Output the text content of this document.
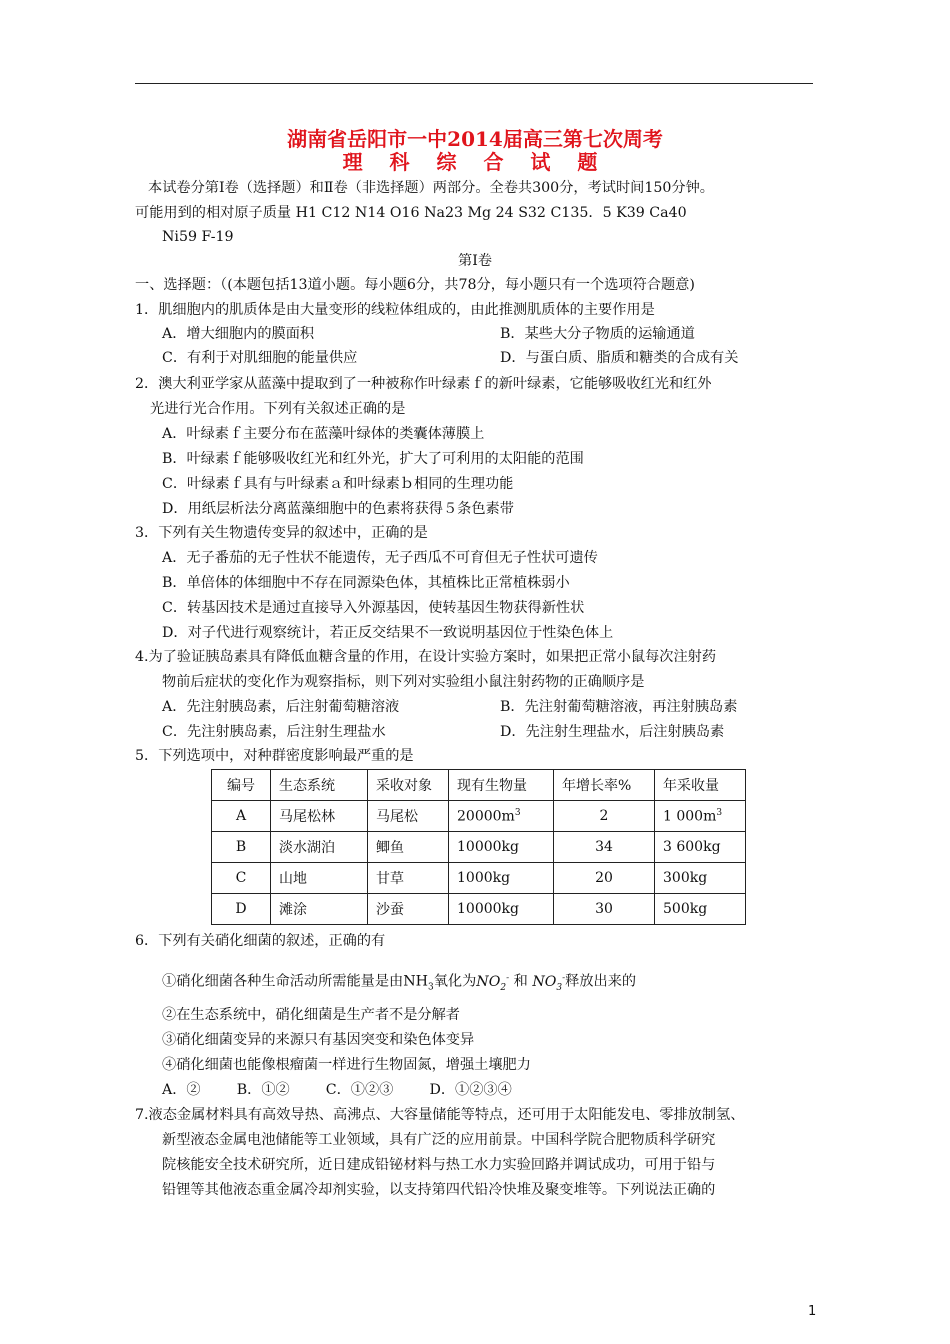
湖南省岳阳市一中2014届高三第七次周考
理 科 综 合 试 题
本试卷分第Ⅰ卷（选择题）和Ⅱ卷（非选择题）两部分。全卷共300分，考试时间150分钟。
可能用到的相对原子质量 H1 C12 N14 O16 Na23 Mg 24 S32 C135．5 K39 Ca40
Ni59 F-19
第Ⅰ卷
一、选择题：（(本题包括13道小题。每小题6分，共78分，每小题只有一个选项符合题意)
1．肌细胞内的肌质体是由大量变形的线粒体组成的，由此推测肌质体的主要作用是
A．增大细胞内的膜面积	B．某些大分子物质的运输通道
C．有利于对肌细胞的能量供应	D．与蛋白质、脂质和糖类的合成有关
2．澳大利亚学家从蓝藻中提取到了一种被称作叶绿素ｆ的新叶绿素，它能够吸收红光和红外
光进行光合作用。下列有关叙述正确的是
A．叶绿素ｆ主要分布在蓝藻叶绿体的类囊体薄膜上
B．叶绿素ｆ能够吸收红光和红外光，扩大了可利用的太阳能的范围
C．叶绿素ｆ具有与叶绿素ａ和叶绿素ｂ相同的生理功能
D．用纸层析法分离蓝藻细胞中的色素将获得５条色素带
3．下列有关生物遗传变异的叙述中，正确的是
A．无子番茄的无子性状不能遗传，无子西瓜不可育但无子性状可遗传
B．单倍体的体细胞中不存在同源染色体，其植株比正常植株弱小
C．转基因技术是通过直接导入外源基因，使转基因生物获得新性状
D．对子代进行观察统计，若正反交结果不一致说明基因位于性染色体上
4.为了验证胰岛素具有降低血糖含量的作用，在设计实验方案时，如果把正常小鼠每次注射药
物前后症状的变化作为观察指标，则下列对实验组小鼠注射药物的正确顺序是
A．先注射胰岛素，后注射葡萄糖溶液	B．先注射葡萄糖溶液，再注射胰岛素
C．先注射胰岛素，后注射生理盐水	D．先注射生理盐水，后注射胰岛素
5．下列选项中，对种群密度影响最严重的是
编号	生态系统	采收对象	现有生物量	年增长率%	年采收量
A	马尾松林	马尾松	$20000m^3$	2	1 $000m^3$
B	淡水湖泊	鲫鱼	10000kg	34	3 600kg
C	山地	甘草	1000kg	20	300kg
D	滩涂	沙蚕	10000kg	30	500kg
6．下列有关硝化细菌的叙述，正确的有
①硝化细菌各种生命活动所需能量是由$NH_3$氧化为$NO_2^-$ 和 $NO_3^-$释放出来的
②在生态系统中，硝化细菌是生产者不是分解者
③硝化细菌变异的来源只有基因突变和染色体变异
④硝化细菌也能像根瘤菌一样进行生物固氮，增强土壤肥力
A．②        B．①②        C．①②③        D．①②③④
7.液态金属材料具有高效导热、高沸点、大容量储能等特点，还可用于太阳能发电、零排放制氢、
新型液态金属电池储能等工业领域，具有广泛的应用前景。中国科学院合肥物质科学研究
院核能安全技术研究所，近日建成铅铋材料与热工水力实验回路并调试成功，可用于铅与
铅锂等其他液态重金属冷却剂实验，以支持第四代铅冷快堆及聚变堆等。下列说法正确的
1
